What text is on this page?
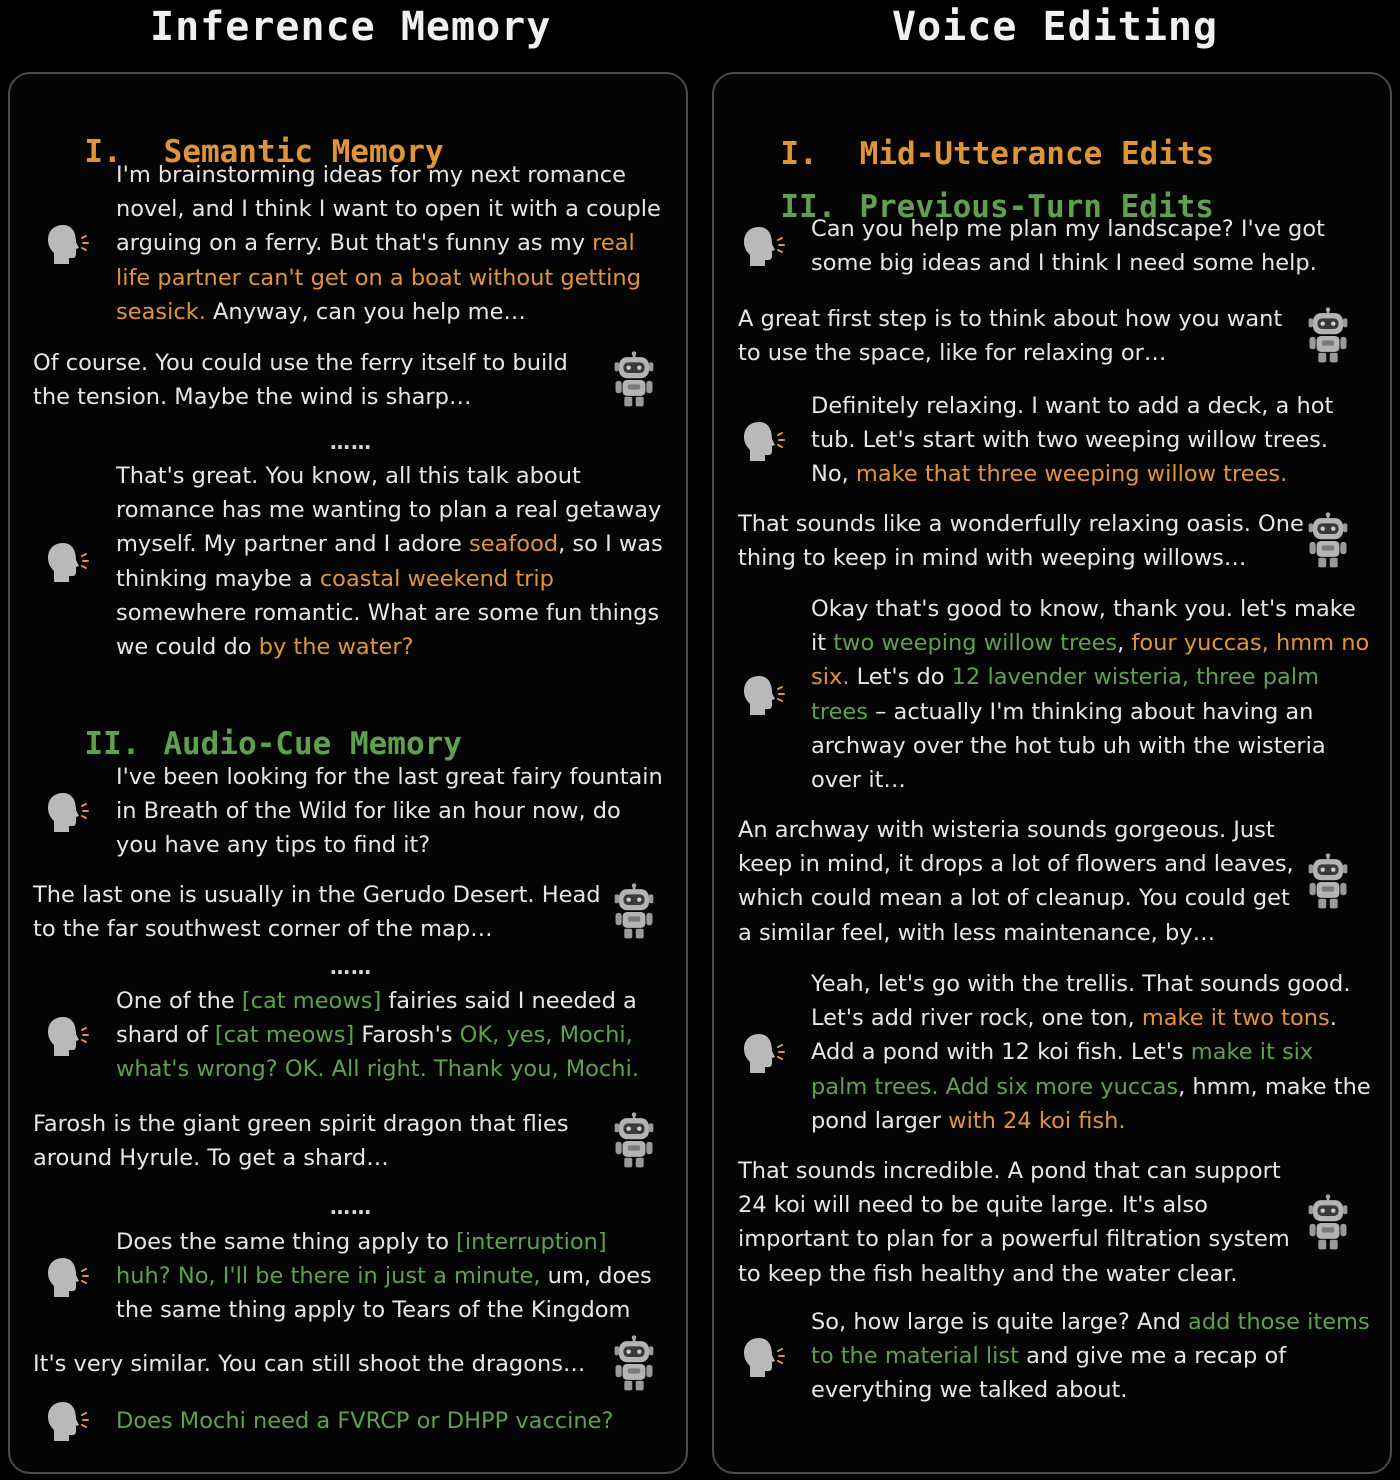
Inference Memory	Voice Editing

I. Semantic Memory

II. Audio-Cue Memory

I. Mid-Utterance Edits

II. Previous-Turn Edits

I'm brainstorming ideas for my next romance novel, and I think I want to open it with a couple arguing on a ferry. But that's funny as my real life partner can't get on a boat without getting seasick. Anyway, can you help me…
Of course. You could use the ferry itself to build the tension. Maybe the wind is sharp…
……
That's great. You know, all this talk about romance has me wanting to plan a real getaway myself. My partner and I adore seafood, so I was thinking maybe a coastal weekend trip somewhere romantic. What are some fun things we could do by the water?
I've been looking for the last great fairy fountain in Breath of the Wild for like an hour now, do you have any tips to find it?
The last one is usually in the Gerudo Desert. Head to the far southwest corner of the map…
……
One of the [cat meows] fairies said I needed a shard of [cat meows] Farosh's OK, yes, Mochi, what's wrong? OK. All right. Thank you, Mochi.
Farosh is the giant green spirit dragon that flies around Hyrule. To get a shard…
……
Does the same thing apply to [interruption] huh? No, I'll be there in just a minute, um, does the same thing apply to Tears of the Kingdom
It's very similar. You can still shoot the dragons…
Does Mochi need a FVRCP or DHPP vaccine?
Can you help me plan my landscape? I've got some big ideas and I think I need some help.
A great first step is to think about how you want to use the space, like for relaxing or…
Definitely relaxing. I want to add a deck, a hot tub. Let's start with two weeping willow trees. No, make that three weeping willow trees.
That sounds like a wonderfully relaxing oasis. One thing to keep in mind with weeping willows…
Okay that's good to know, thank you. let's make it two weeping willow trees, four yuccas, hmm no six. Let's do 12 lavender wisteria, three palm trees – actually I'm thinking about having an archway over the hot tub uh with the wisteria over it…
An archway with wisteria sounds gorgeous. Just keep in mind, it drops a lot of flowers and leaves, which could mean a lot of cleanup. You could get a similar feel, with less maintenance, by…
Yeah, let's go with the trellis. That sounds good. Let's add river rock, one ton, make it two tons. Add a pond with 12 koi fish. Let's make it six palm trees. Add six more yuccas, hmm, make the pond larger with 24 koi fish.
That sounds incredible. A pond that can support 24 koi will need to be quite large. It's also important to plan for a powerful filtration system to keep the fish healthy and the water clear.
So, how large is quite large? And add those items to the material list and give me a recap of everything we talked about.
